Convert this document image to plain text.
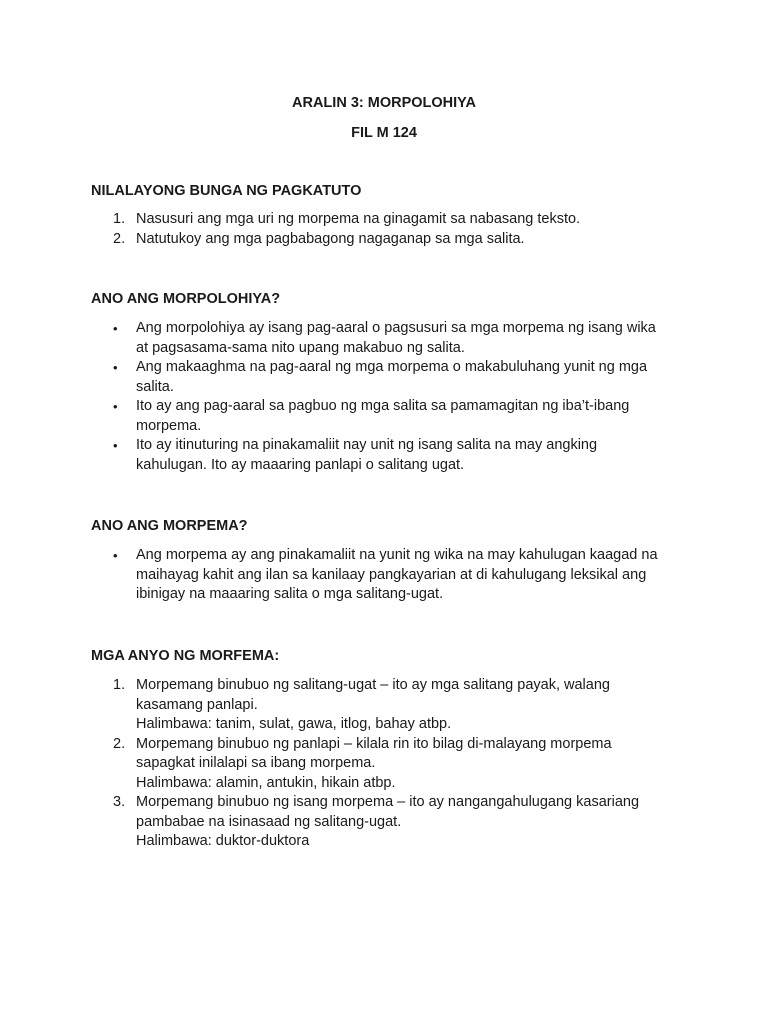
ARALIN 3: MORPOLOHIYA
FIL M 124
NILALAYONG BUNGA NG PAGKATUTO
1. Nasusuri ang mga uri ng morpema na ginagamit sa nabasang teksto.
2. Natutukoy ang mga pagbabagong nagaganap sa mga salita.
ANO ANG MORPOLOHIYA?
• Ang morpolohiya ay isang pag-aaral o pagsusuri sa mga morpema ng isang wika at pagsasama-sama nito upang makabuo ng salita.
• Ang makaaghma na pag-aaral ng mga morpema o makabuluhang yunit ng mga salita.
• Ito ay ang pag-aaral sa pagbuo ng mga salita sa pamamagitan ng iba’t-ibang morpema.
• Ito ay itinuturing na pinakamaliit nay unit ng isang salita na may angking kahulugan. Ito ay maaaring panlapi o salitang ugat.
ANO ANG MORPEMA?
• Ang morpema ay ang pinakamaliit na yunit ng wika na may kahulugan kaagad na maihayag kahit ang ilan sa kanilaay pangkayarian at di kahulugang leksikal ang ibinigay na maaaring salita o mga salitang-ugat.
MGA ANYO NG MORFEMA:
1. Morpemang binubuo ng salitang-ugat – ito ay mga salitang payak, walang kasamang panlapi.
Halimbawa: tanim, sulat, gawa, itlog, bahay atbp.
2. Morpemang binubuo ng panlapi – kilala rin ito bilag di-malayang morpema sapagkat inilalapi sa ibang morpema.
Halimbawa: alamin, antukin, hikain atbp.
3. Morpemang binubuo ng isang morpema – ito ay nangangahulugang kasariang pambabae na isinasaad ng salitang-ugat.
Halimbawa: duktor-duktora
